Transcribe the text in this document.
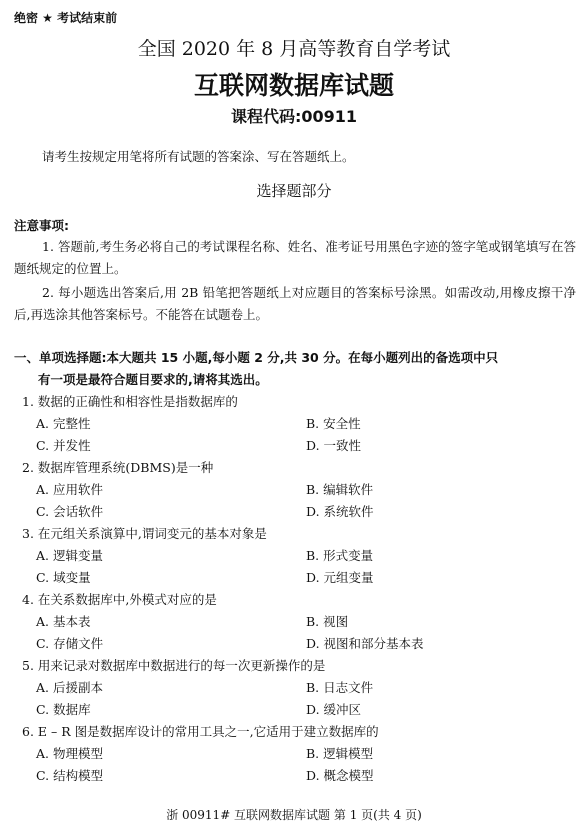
绝密 ★ 考试结束前
全国 2020 年 8 月高等教育自学考试
互联网数据库试题
课程代码:00911
请考生按规定用笔将所有试题的答案涂、写在答题纸上。
选择题部分
注意事项:
1. 答题前,考生务必将自己的考试课程名称、姓名、准考证号用黑色字迹的签字笔或钢笔填写在答题纸规定的位置上。
2. 每小题选出答案后,用 2B 铅笔把答题纸上对应题目的答案标号涂黑。如需改动,用橡皮擦干净后,再选涂其他答案标号。不能答在试题卷上。
一、单项选择题:本大题共 15 小题,每小题 2 分,共 30 分。在每小题列出的备选项中只
有一项是最符合题目要求的,请将其选出。
1. 数据的正确性和相容性是指数据库的
A. 完整性	B. 安全性
C. 并发性	D. 一致性
2. 数据库管理系统(DBMS)是一种
A. 应用软件	B. 编辑软件
C. 会话软件	D. 系统软件
3. 在元组关系演算中,谓词变元的基本对象是
A. 逻辑变量	B. 形式变量
C. 域变量	D. 元组变量
4. 在关系数据库中,外模式对应的是
A. 基本表	B. 视图
C. 存储文件	D. 视图和部分基本表
5. 用来记录对数据库中数据进行的每一次更新操作的是
A. 后援副本	B. 日志文件
C. 数据库	D. 缓冲区
6. E – R 图是数据库设计的常用工具之一,它适用于建立数据库的
A. 物理模型	B. 逻辑模型
C. 结构模型	D. 概念模型
浙 00911# 互联网数据库试题 第 1 页(共 4 页)
